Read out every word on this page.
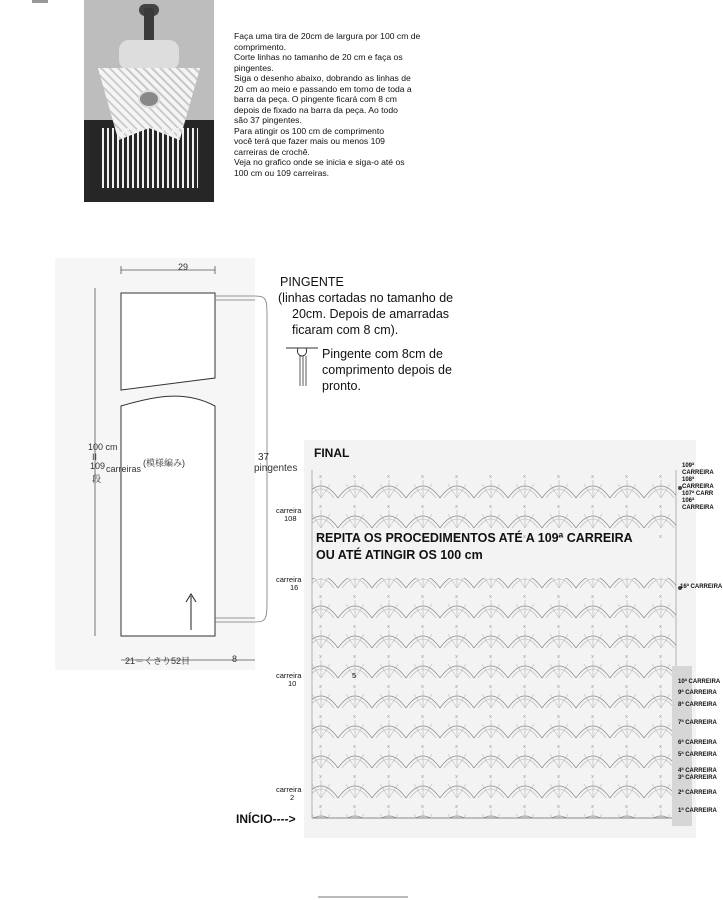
Faça uma tira de 20cm de largura por 100 cm de

comprimento.

Corte linhas no tamanho de 20 cm e faça os

pingentes.

Siga o desenho abaixo, dobrando as linhas de

20 cm ao meio e passando em torno de toda a

barra da peça. O pingente ficará com 8 cm

depois de fixado na barra da peça. Ao todo

são 37 pingentes.

Para atingir os 100 cm de comprimento

você terá que fazer mais ou menos 109

carreiras de crochê.

Veja no grafico onde se inicia e siga-o até os

100 cm ou 109 carreiras.

29
100 cm
II
109 carreiras
段
(模様編み)	37
pingentes
21＝くさり52目	8
PINGENTE
(linhas cortadas no tamanho de
20cm. Depois de amarradas
ficaram com 8 cm).
Pingente com 8cm de
comprimento depois de
pronto.
FINAL
REPITA OS PROCEDIMENTOS ATÉ A 109ª CARREIRA
OU ATÉ ATINGIR OS 100 cm
INÍCIO---->
carreira
108
carreira
16
carreira
10
carreira
2
5
109ª
CARREIRA
108ª
CARREIRA
107ª CARR
106ª
CARREIRA
16ª CARREIRA
10ª CARREIRA
9ª CARREIRA
8ª CARREIRA
7ª CARREIRA
6ª CARREIRA
5ª CARREIRA
4ª CARREIRA
3ª CARREIRA
2ª CARREIRA
1ª CARREIRA
